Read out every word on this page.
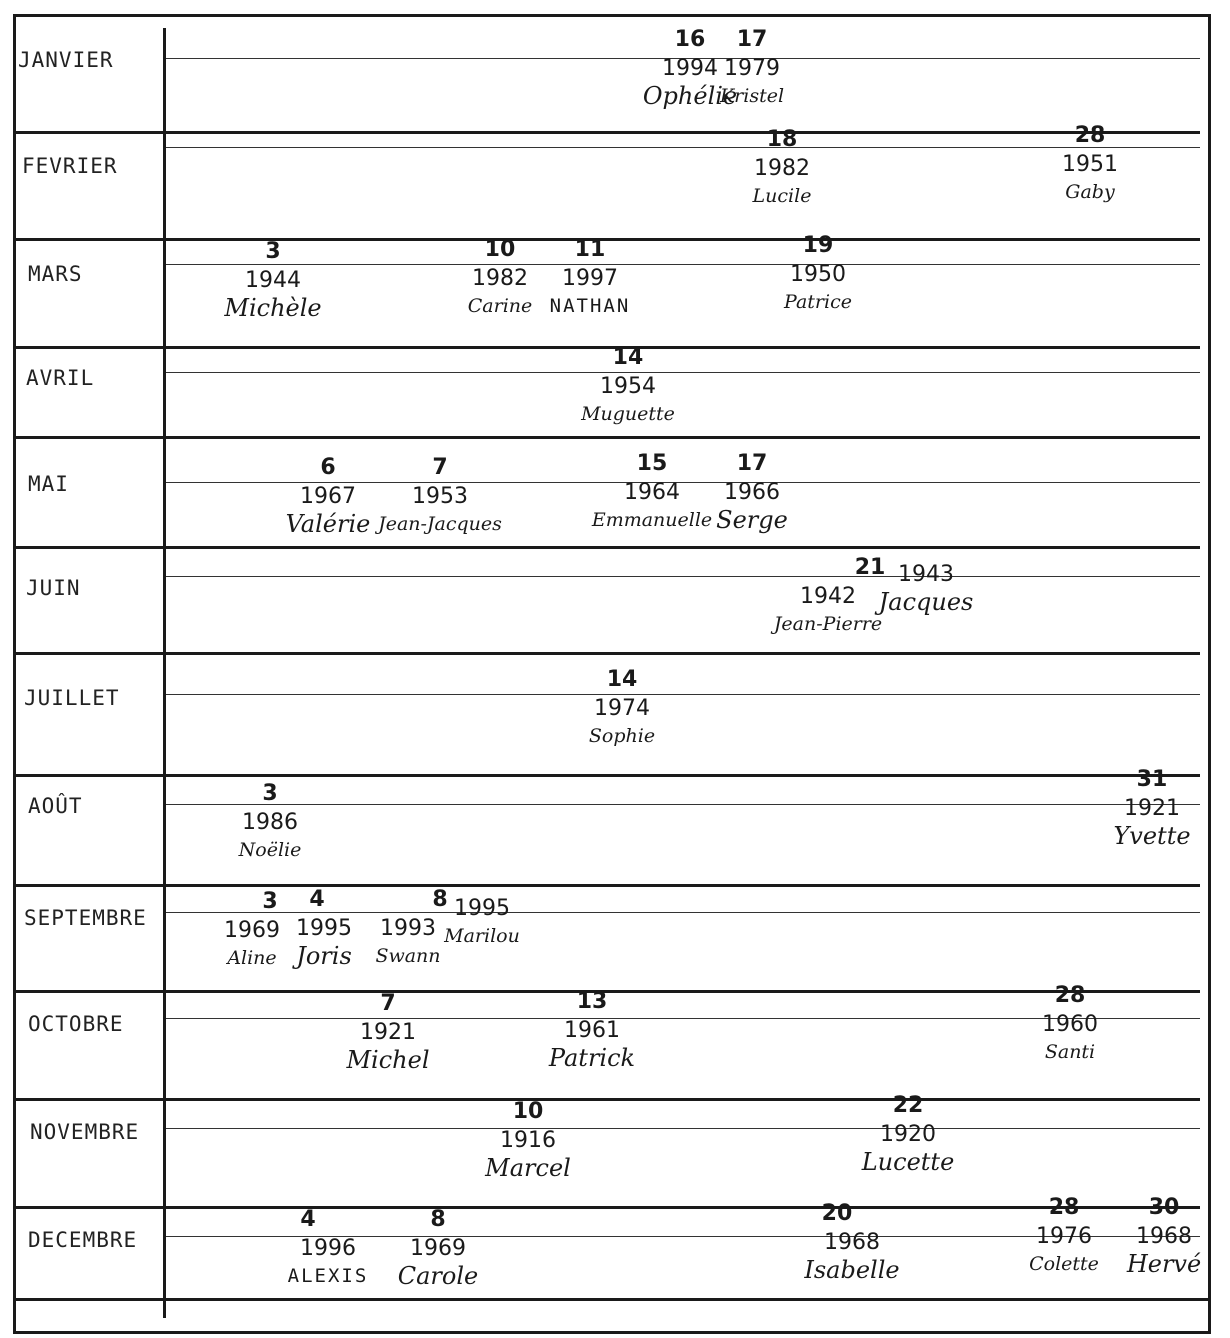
JANVIER
16
1994
Ophélie
17
1979
Kristel
FEVRIER
18
1982
Lucile
28
1951
Gaby
MARS
3
1944
Michèle
10
1982
Carine
11
1997
NATHAN
19
1950
Patrice
AVRIL
14
1954
Muguette
MAI
6
1967
Valérie
7
1953
Jean-Jacques
15
1964
Emmanuelle
17
1966
Serge
JUIN
21
1942
Jean-Pierre
1943
Jacques
JUILLET
14
1974
Sophie
AOÛT	3
1986
Noëlie
31
1921
Yvette
SEPTEMBRE
3
1969
Aline
4
1995
Joris
8
1993
Swann
1995
Marilou
OCTOBRE
7
1921
Michel
13
1961
Patrick
28
1960
Santi
NOVEMBRE
10
1916
Marcel
22
1920
Lucette
DECEMBRE
4
1996
ALEXIS
8
1969
Carole
20
1968
Isabelle
28
1976
Colette
30
1968
Hervé
